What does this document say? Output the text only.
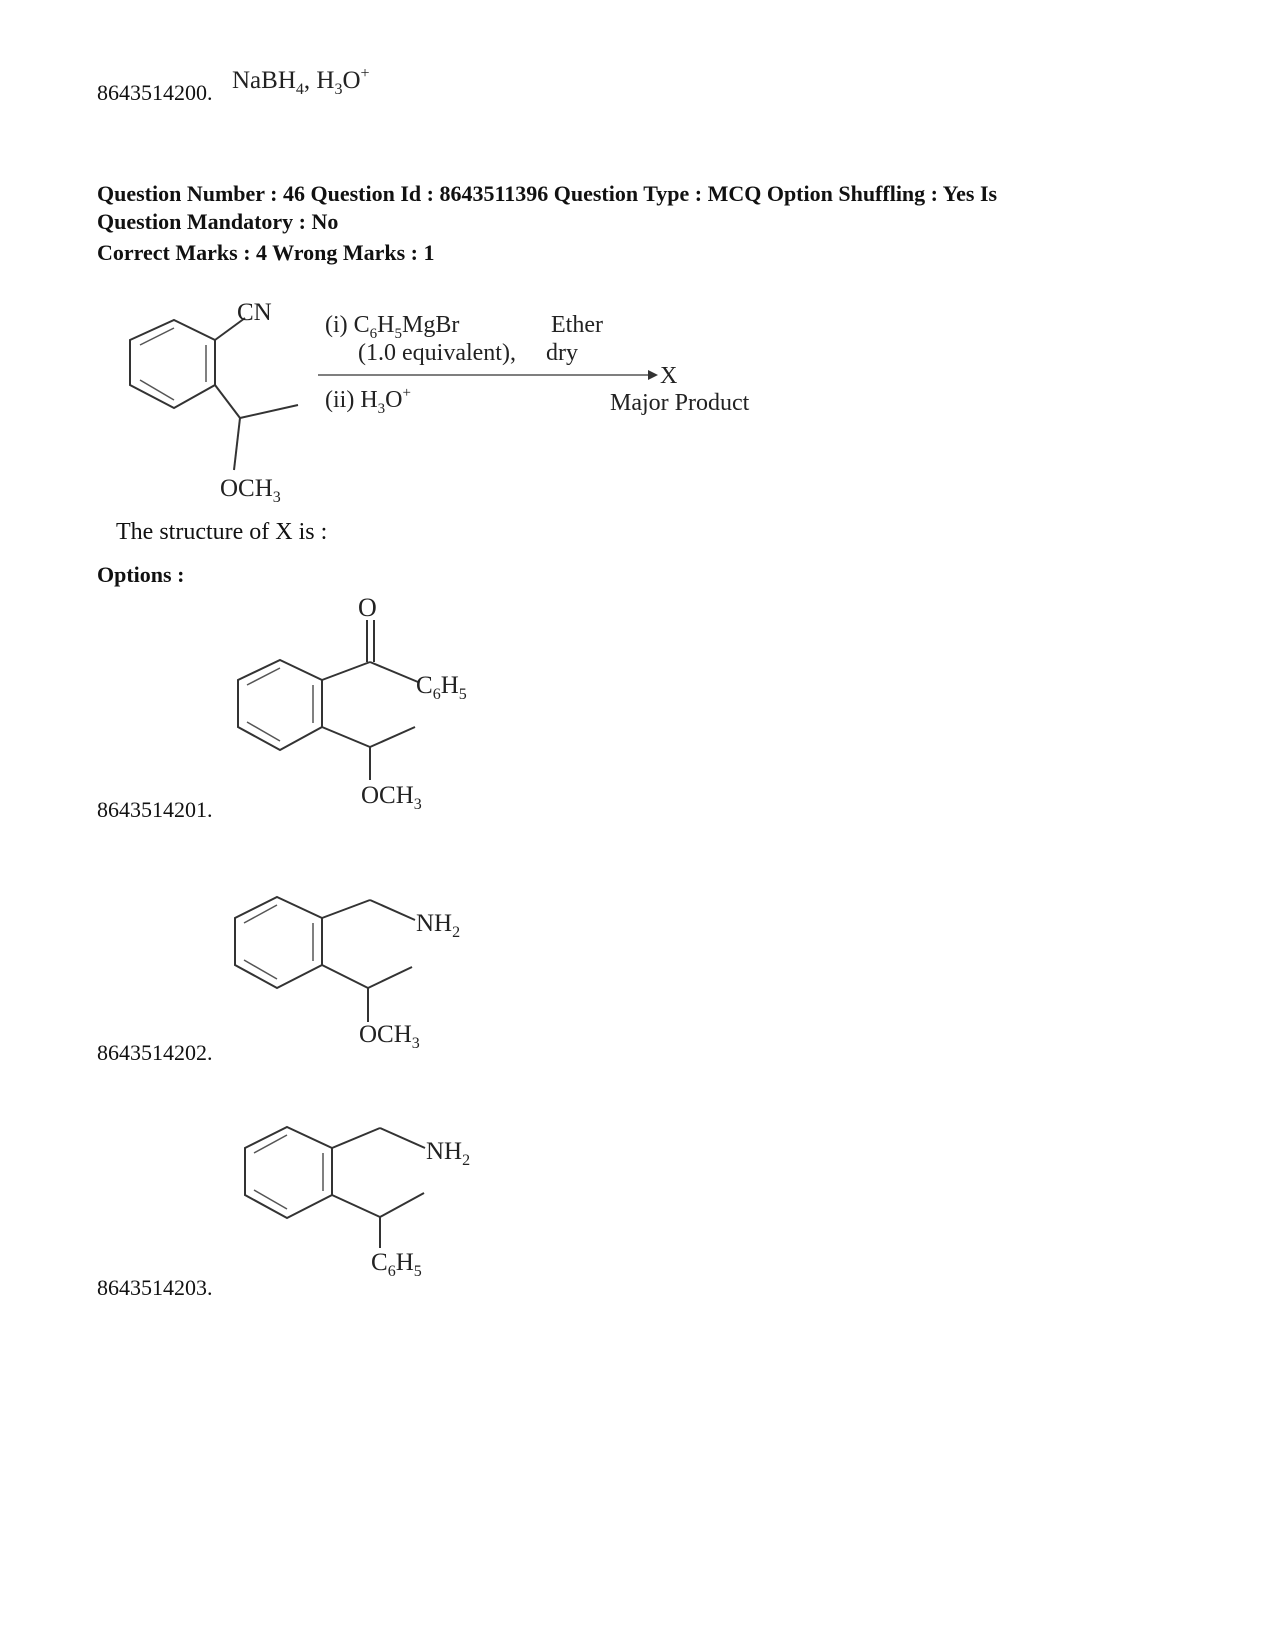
8643514200. NaBH$_4$, $H_3O^+$
Question Number : 46 Question Id : 8643511396 Question Type : MCQ Option Shuffling : Yes Is
Question Mandatory : No
Correct Marks : 4 Wrong Marks : 1
CN
$OCH_3$
(i) $C_6H_5MgBr$	Ether
(1.0 equivalent), dry
X
(ii) $H_3O^+$	Major Product
The structure of X is :
Options :
8643514201.
O
$C_6H_5$
$OCH_3$
8643514202.
$NH_2$
$OCH_3$
8643514203.
$NH_2$
$C_6H_5$
